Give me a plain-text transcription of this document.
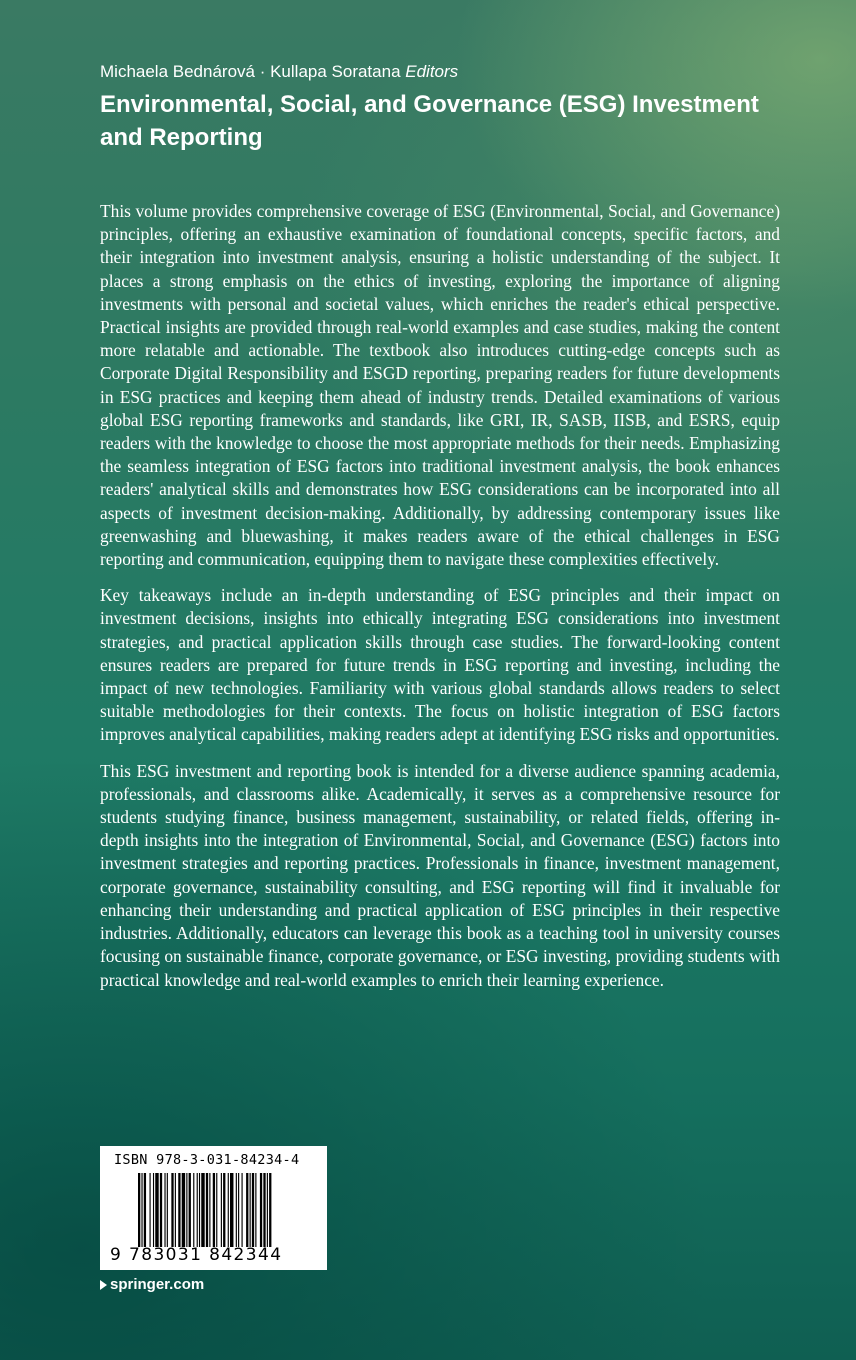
Michaela Bednárová · Kullapa Soratana Editors
Environmental, Social, and Governance (ESG) Investment and Reporting

This volume provides comprehensive coverage of ESG (Environmental, Social, and Governance) principles, offering an exhaustive examination of foundational concepts, specific factors, and their integration into investment analysis, ensuring a holistic understanding of the subject. It places a strong emphasis on the ethics of investing, exploring the importance of aligning investments with personal and societal values, which enriches the reader's ethical perspective. Practical insights are provided through real-world examples and case studies, making the content more relatable and actionable. The textbook also introduces cutting-edge concepts such as Corporate Digital Responsibility and ESGD reporting, preparing readers for future developments in ESG practices and keeping them ahead of industry trends. Detailed examinations of various global ESG reporting frameworks and standards, like GRI, IR, SASB, IISB, and ESRS, equip readers with the knowledge to choose the most appropriate methods for their needs. Emphasizing the seamless integration of ESG factors into traditional investment analysis, the book enhances readers' analytical skills and demonstrates how ESG considerations can be incorporated into all aspects of investment decision-making. Additionally, by addressing contemporary issues like greenwashing and bluewashing, it makes readers aware of the ethical challenges in ESG reporting and communication, equipping them to navigate these complexities effectively.

Key takeaways include an in-depth understanding of ESG principles and their impact on investment decisions, insights into ethically integrating ESG considerations into investment strategies, and practical application skills through case studies. The forward-looking content ensures readers are prepared for future trends in ESG reporting and investing, including the impact of new technologies. Familiarity with various global standards allows readers to select suitable methodologies for their contexts. The focus on holistic integration of ESG factors improves analytical capabilities, making readers adept at identifying ESG risks and opportunities.

This ESG investment and reporting book is intended for a diverse audience spanning academia, professionals, and classrooms alike. Academically, it serves as a comprehensive resource for students studying finance, business management, sustainability, or related fields, offering in-depth insights into the integration of Environmental, Social, and Governance (ESG) factors into investment strategies and reporting practices. Professionals in finance, investment management, corporate governance, sustainability consulting, and ESG reporting will find it invaluable for enhancing their understanding and practical application of ESG principles in their respective industries. Additionally, educators can leverage this book as a teaching tool in university courses focusing on sustainable finance, corporate governance, or ESG investing, providing students with practical knowledge and real-world examples to enrich their learning experience.

ISBN 978-3-031-84234-4
9 783031 842344
springer.com
